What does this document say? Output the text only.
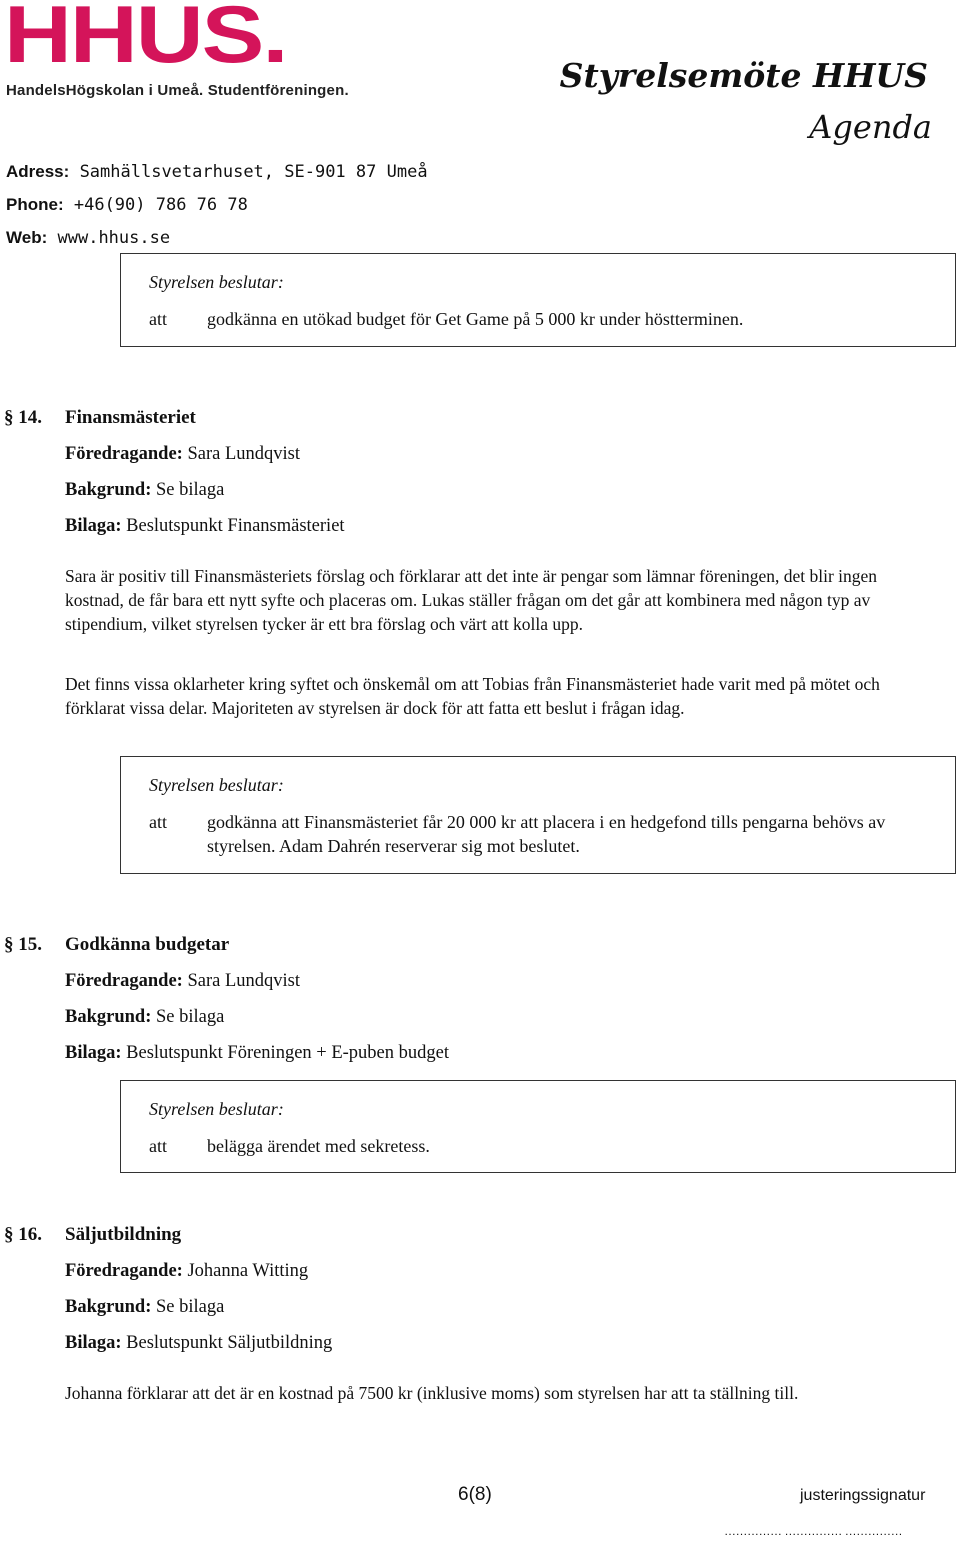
HHUS.
HandelsHögskolan i Umeå. Studentföreningen.	Styrelsemöte HHUS
Agenda
Adress: Samhällsvetarhuset, SE-901 87 Umeå
Phone: +46(90) 786 76 78
Web: www.hhus.se
Styrelsen beslutar:
att godkänna en utökad budget för Get Game på 5 000 kr under höstterminen.
§ 14. Finansmästeriet
Föredragande: Sara Lundqvist
Bakgrund: Se bilaga
Bilaga: Beslutspunkt Finansmästeriet
Sara är positiv till Finansmästeriets förslag och förklarar att det inte är pengar som lämnar föreningen, det blir ingen kostnad, de får bara ett nytt syfte och placeras om. Lukas ställer frågan om det går att kombinera med någon typ av stipendium, vilket styrelsen tycker är ett bra förslag och värt att kolla upp.
Det finns vissa oklarheter kring syftet och önskemål om att Tobias från Finansmästeriet hade varit med på mötet och förklarat vissa delar. Majoriteten av styrelsen är dock för att fatta ett beslut i frågan idag.
Styrelsen beslutar:
att godkänna att Finansmästeriet får 20 000 kr att placera i en hedgefond tills pengarna behövs av styrelsen. Adam Dahrén reserverar sig mot beslutet.
§ 15. Godkänna budgetar
Föredragande: Sara Lundqvist
Bakgrund: Se bilaga
Bilaga: Beslutspunkt Föreningen + E-puben budget
Styrelsen beslutar:
att belägga ärendet med sekretess.
§ 16. Säljutbildning
Föredragande: Johanna Witting
Bakgrund: Se bilaga
Bilaga: Beslutspunkt Säljutbildning
Johanna förklarar att det är en kostnad på 7500 kr (inklusive moms) som styrelsen har att ta ställning till.
6(8)	justeringssignatur
…………… …………… ……………
